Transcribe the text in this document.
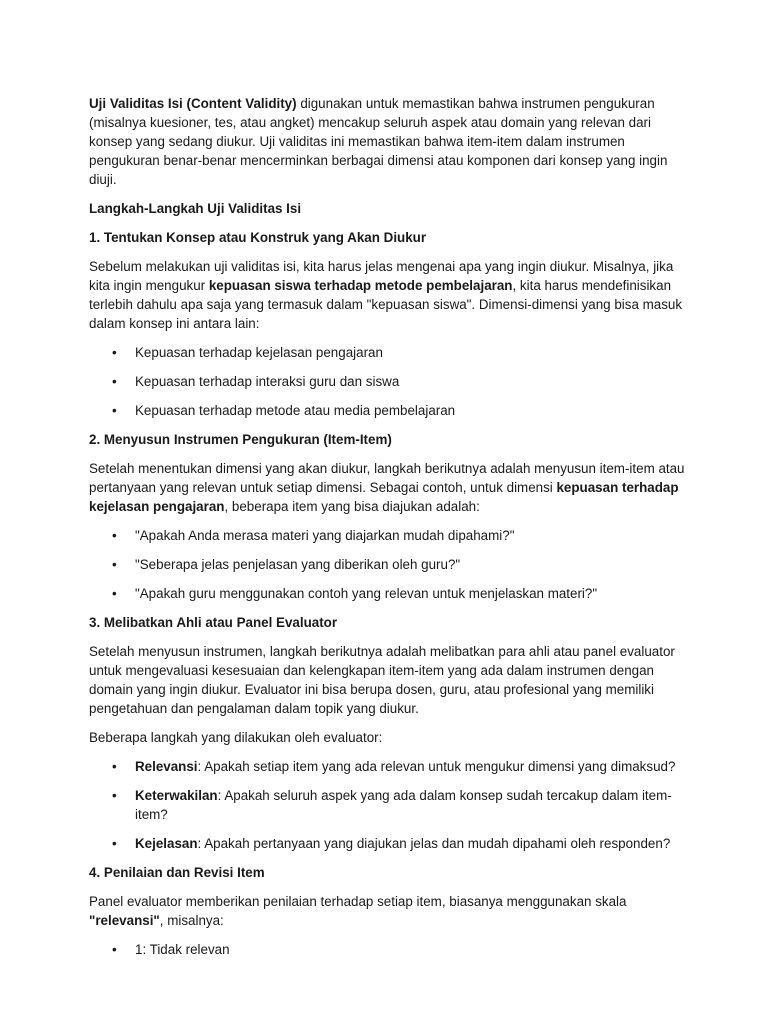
Uji Validitas Isi (Content Validity) digunakan untuk memastikan bahwa instrumen pengukuran (misalnya kuesioner, tes, atau angket) mencakup seluruh aspek atau domain yang relevan dari konsep yang sedang diukur. Uji validitas ini memastikan bahwa item-item dalam instrumen pengukuran benar-benar mencerminkan berbagai dimensi atau komponen dari konsep yang ingin diuji.

Langkah-Langkah Uji Validitas Isi

1. Tentukan Konsep atau Konstruk yang Akan Diukur

Sebelum melakukan uji validitas isi, kita harus jelas mengenai apa yang ingin diukur. Misalnya, jika kita ingin mengukur kepuasan siswa terhadap metode pembelajaran, kita harus mendefinisikan terlebih dahulu apa saja yang termasuk dalam "kepuasan siswa". Dimensi-dimensi yang bisa masuk dalam konsep ini antara lain:

• Kepuasan terhadap kejelasan pengajaran
• Kepuasan terhadap interaksi guru dan siswa
• Kepuasan terhadap metode atau media pembelajaran

2. Menyusun Instrumen Pengukuran (Item-Item)

Setelah menentukan dimensi yang akan diukur, langkah berikutnya adalah menyusun item-item atau pertanyaan yang relevan untuk setiap dimensi. Sebagai contoh, untuk dimensi kepuasan terhadap kejelasan pengajaran, beberapa item yang bisa diajukan adalah:

• "Apakah Anda merasa materi yang diajarkan mudah dipahami?"
• "Seberapa jelas penjelasan yang diberikan oleh guru?"
• "Apakah guru menggunakan contoh yang relevan untuk menjelaskan materi?"

3. Melibatkan Ahli atau Panel Evaluator

Setelah menyusun instrumen, langkah berikutnya adalah melibatkan para ahli atau panel evaluator untuk mengevaluasi kesesuaian dan kelengkapan item-item yang ada dalam instrumen dengan domain yang ingin diukur. Evaluator ini bisa berupa dosen, guru, atau profesional yang memiliki pengetahuan dan pengalaman dalam topik yang diukur.

Beberapa langkah yang dilakukan oleh evaluator:

• Relevansi: Apakah setiap item yang ada relevan untuk mengukur dimensi yang dimaksud?
• Keterwakilan: Apakah seluruh aspek yang ada dalam konsep sudah tercakup dalam item-item?
• Kejelasan: Apakah pertanyaan yang diajukan jelas dan mudah dipahami oleh responden?

4. Penilaian dan Revisi Item

Panel evaluator memberikan penilaian terhadap setiap item, biasanya menggunakan skala "relevansi", misalnya:

• 1: Tidak relevan
